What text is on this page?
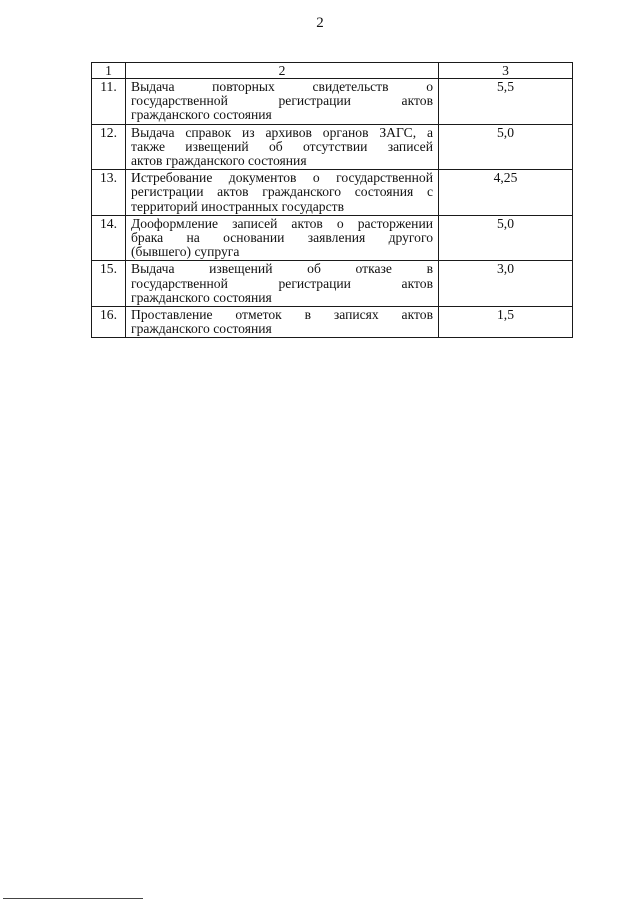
2
1	2	3
11.	Выдача повторных свидетельств о
государственной регистрации актов
гражданского состояния	5,5
12.	Выдача справок из архивов органов ЗАГС, а
также извещений об отсутствии записей
актов гражданского состояния	5,0
13.	Истребование документов о государственной
регистрации актов гражданского состояния с
территорий иностранных государств	4,25
14.	Дооформление записей актов о расторжении
брака на основании заявления другого
(бывшего) супруга	5,0
15.	Выдача извещений об отказе в
государственной регистрации актов
гражданского состояния	3,0
16.	Проставление отметок в записях актов
гражданского состояния	1,5
